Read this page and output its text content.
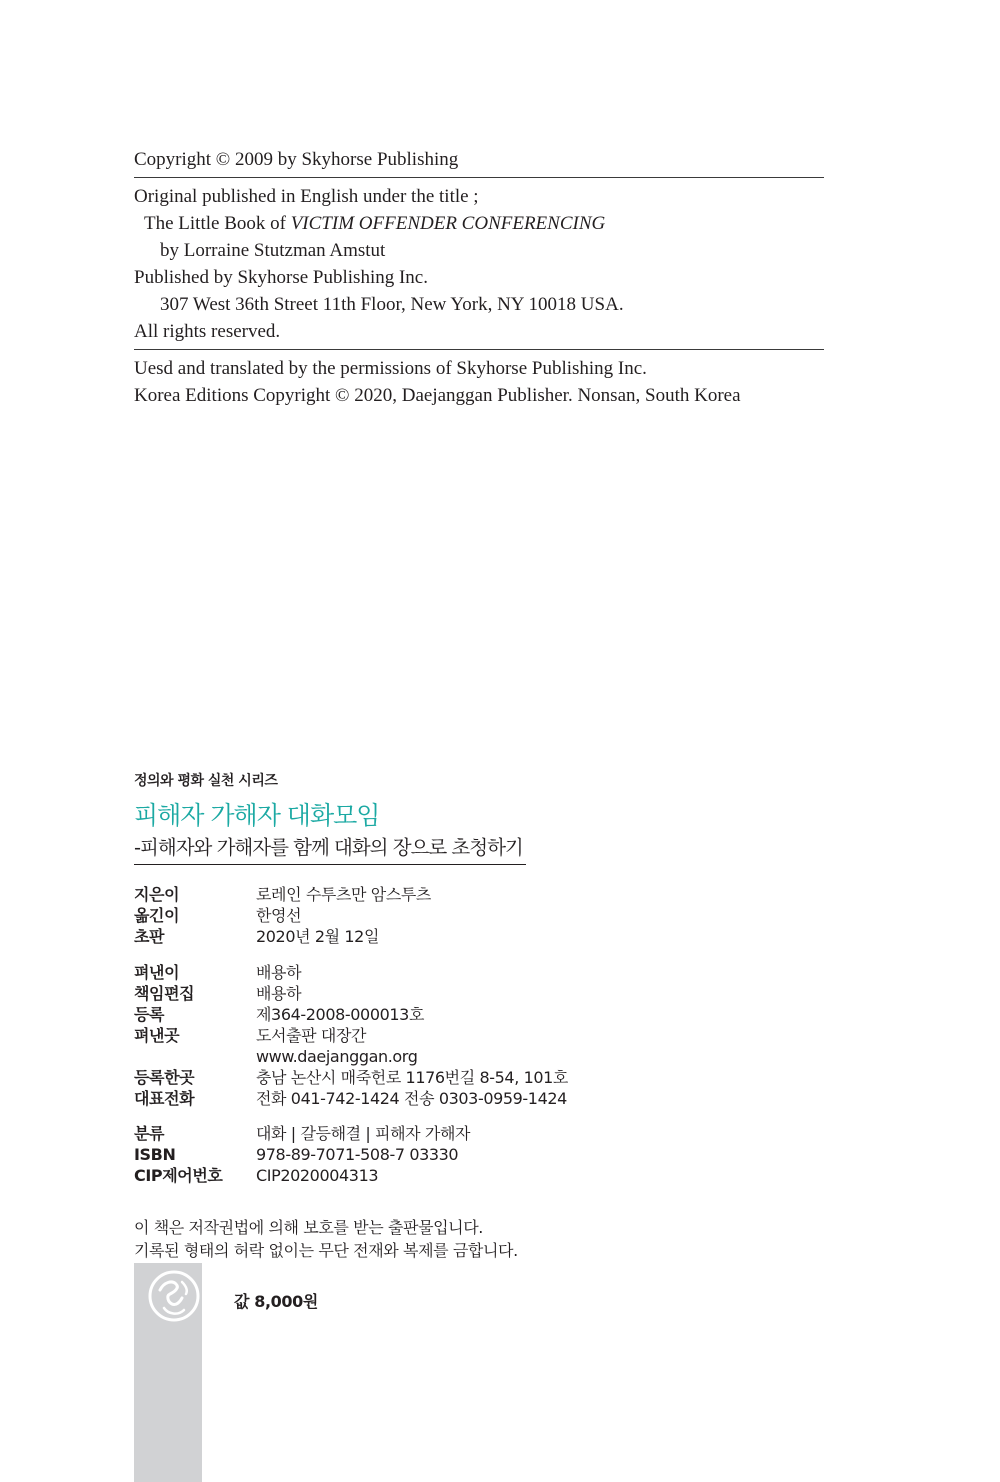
Copyright © 2009 by Skyhorse Publishing

Original published in English under the title ;

The Little Book of VICTIM OFFENDER CONFERENCING

by Lorraine Stutzman Amstut

Published by Skyhorse Publishing Inc.

307 West 36th Street 11th Floor, New York, NY 10018 USA.

All rights reserved.

Uesd and translated by the permissions of Skyhorse Publishing Inc.

Korea Editions Copyright © 2020, Daejanggan Publisher. Nonsan, South Korea

정의와 평화 실천 시리즈
피해자 가해자 대화모임
-피해자와 가해자를 함께 대화의 장으로 초청하기
지은이	로레인 수투츠만 암스투츠
옮긴이	한영선
초판	2020년 2월 12일
펴낸이	배용하
책임편집	배용하
등록	제364-2008-000013호
펴낸곳	도서출판 대장간
www.daejanggan.org
등록한곳	충남 논산시 매죽헌로 1176번길 8-54, 101호
대표전화	전화 041-742-1424 전송 0303-0959-1424
분류	대화 | 갈등해결 | 피해자 가해자
ISBN	978-89-7071-508-7 03330
CIP제어번호	CIP2020004313

이 책은 저작권법에 의해 보호를 받는 출판물입니다.

기록된 형태의 허락 없이는 무단 전재와 복제를 금합니다.

값 8,000원
